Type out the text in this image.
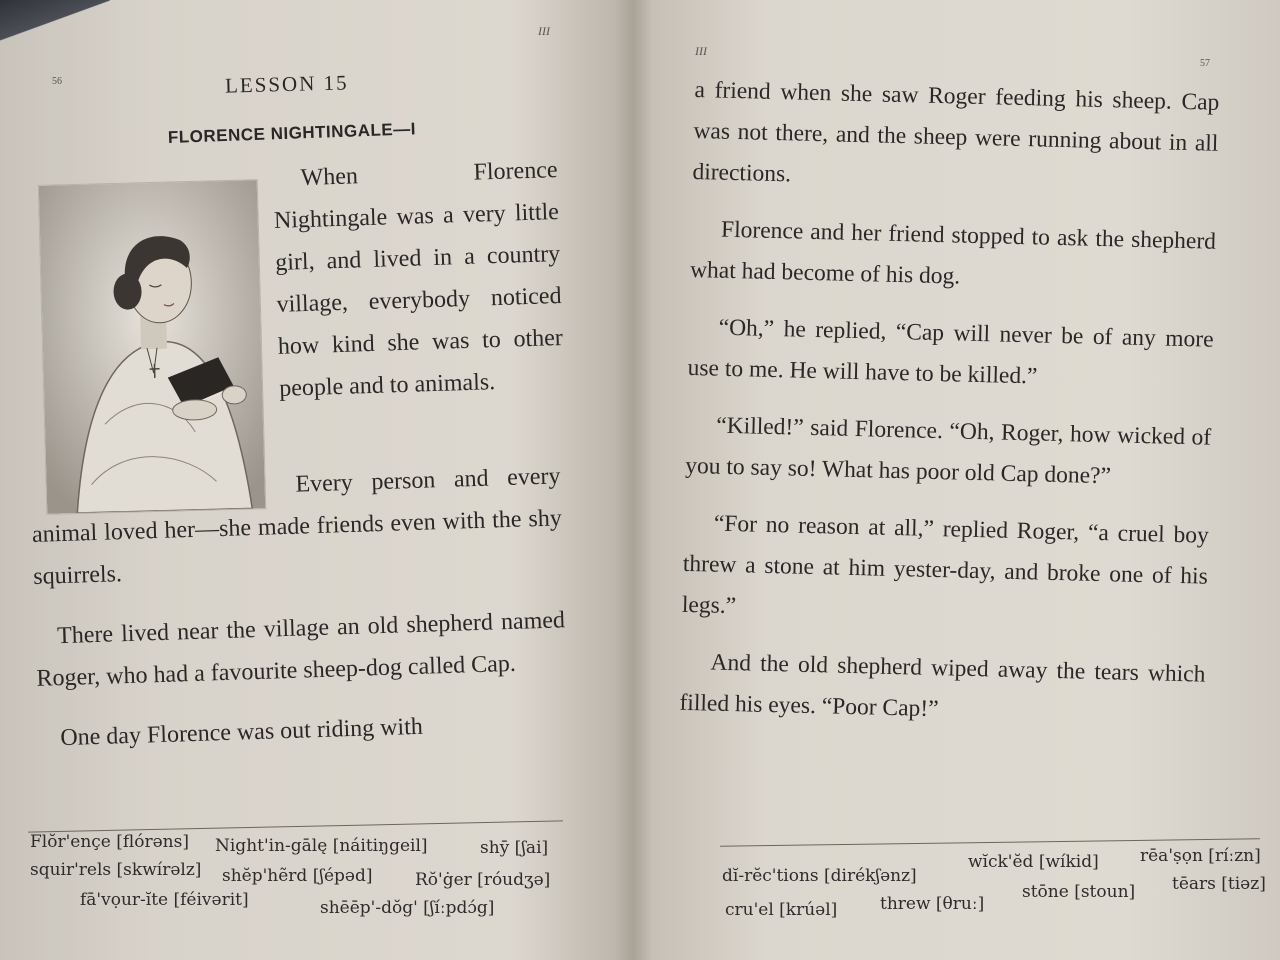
III
56	LESSON 15
FLORENCE NIGHTINGALE—I

When Florence Nightingale was a very little girl, and lived in a country village, everybody noticed how kind she was to other people and to animals.

Every person and every animal loved her—she made friends even with the shy squirrels.

There lived near the village an old shepherd named Roger, who had a favourite sheep-dog called Cap.

One day Florence was out riding with

Flŏr'ençe [flórəns] Night'in-gālę [náitiŋgeil]	shȳ [ʃai]
squir'rels [skwírəlz] shĕp'hẽrd [ʃépəd]	Rŏ'ġer [róudʒə]
fā'vọur-ĭte [féivərit]	shēēp'-dŏg' [ʃíːpdɔ́g]
III
57

a friend when she saw Roger feeding his sheep. Cap was not there, and the sheep were running about in all directions.

Florence and her friend stopped to ask the shepherd what had become of his dog.

“Oh,” he replied, “Cap will never be of any more use to me. He will have to be killed.”

“Killed!” said Florence. “Oh, Roger, how wicked of you to say so! What has poor old Cap done?”

“For no reason at all,” replied Roger, “a cruel boy threw a stone at him yester-day, and broke one of his legs.”

And the old shepherd wiped away the tears which filled his eyes. “Poor Cap!”

dĭ-rĕc'tions [dirékʃənz]
wĭck'ĕd [wíkid] rēa'ṣọn [ríːzn]
cru'el [krúəl]	threw [θruː]
stōne [stoun] tēars [tiəz]
